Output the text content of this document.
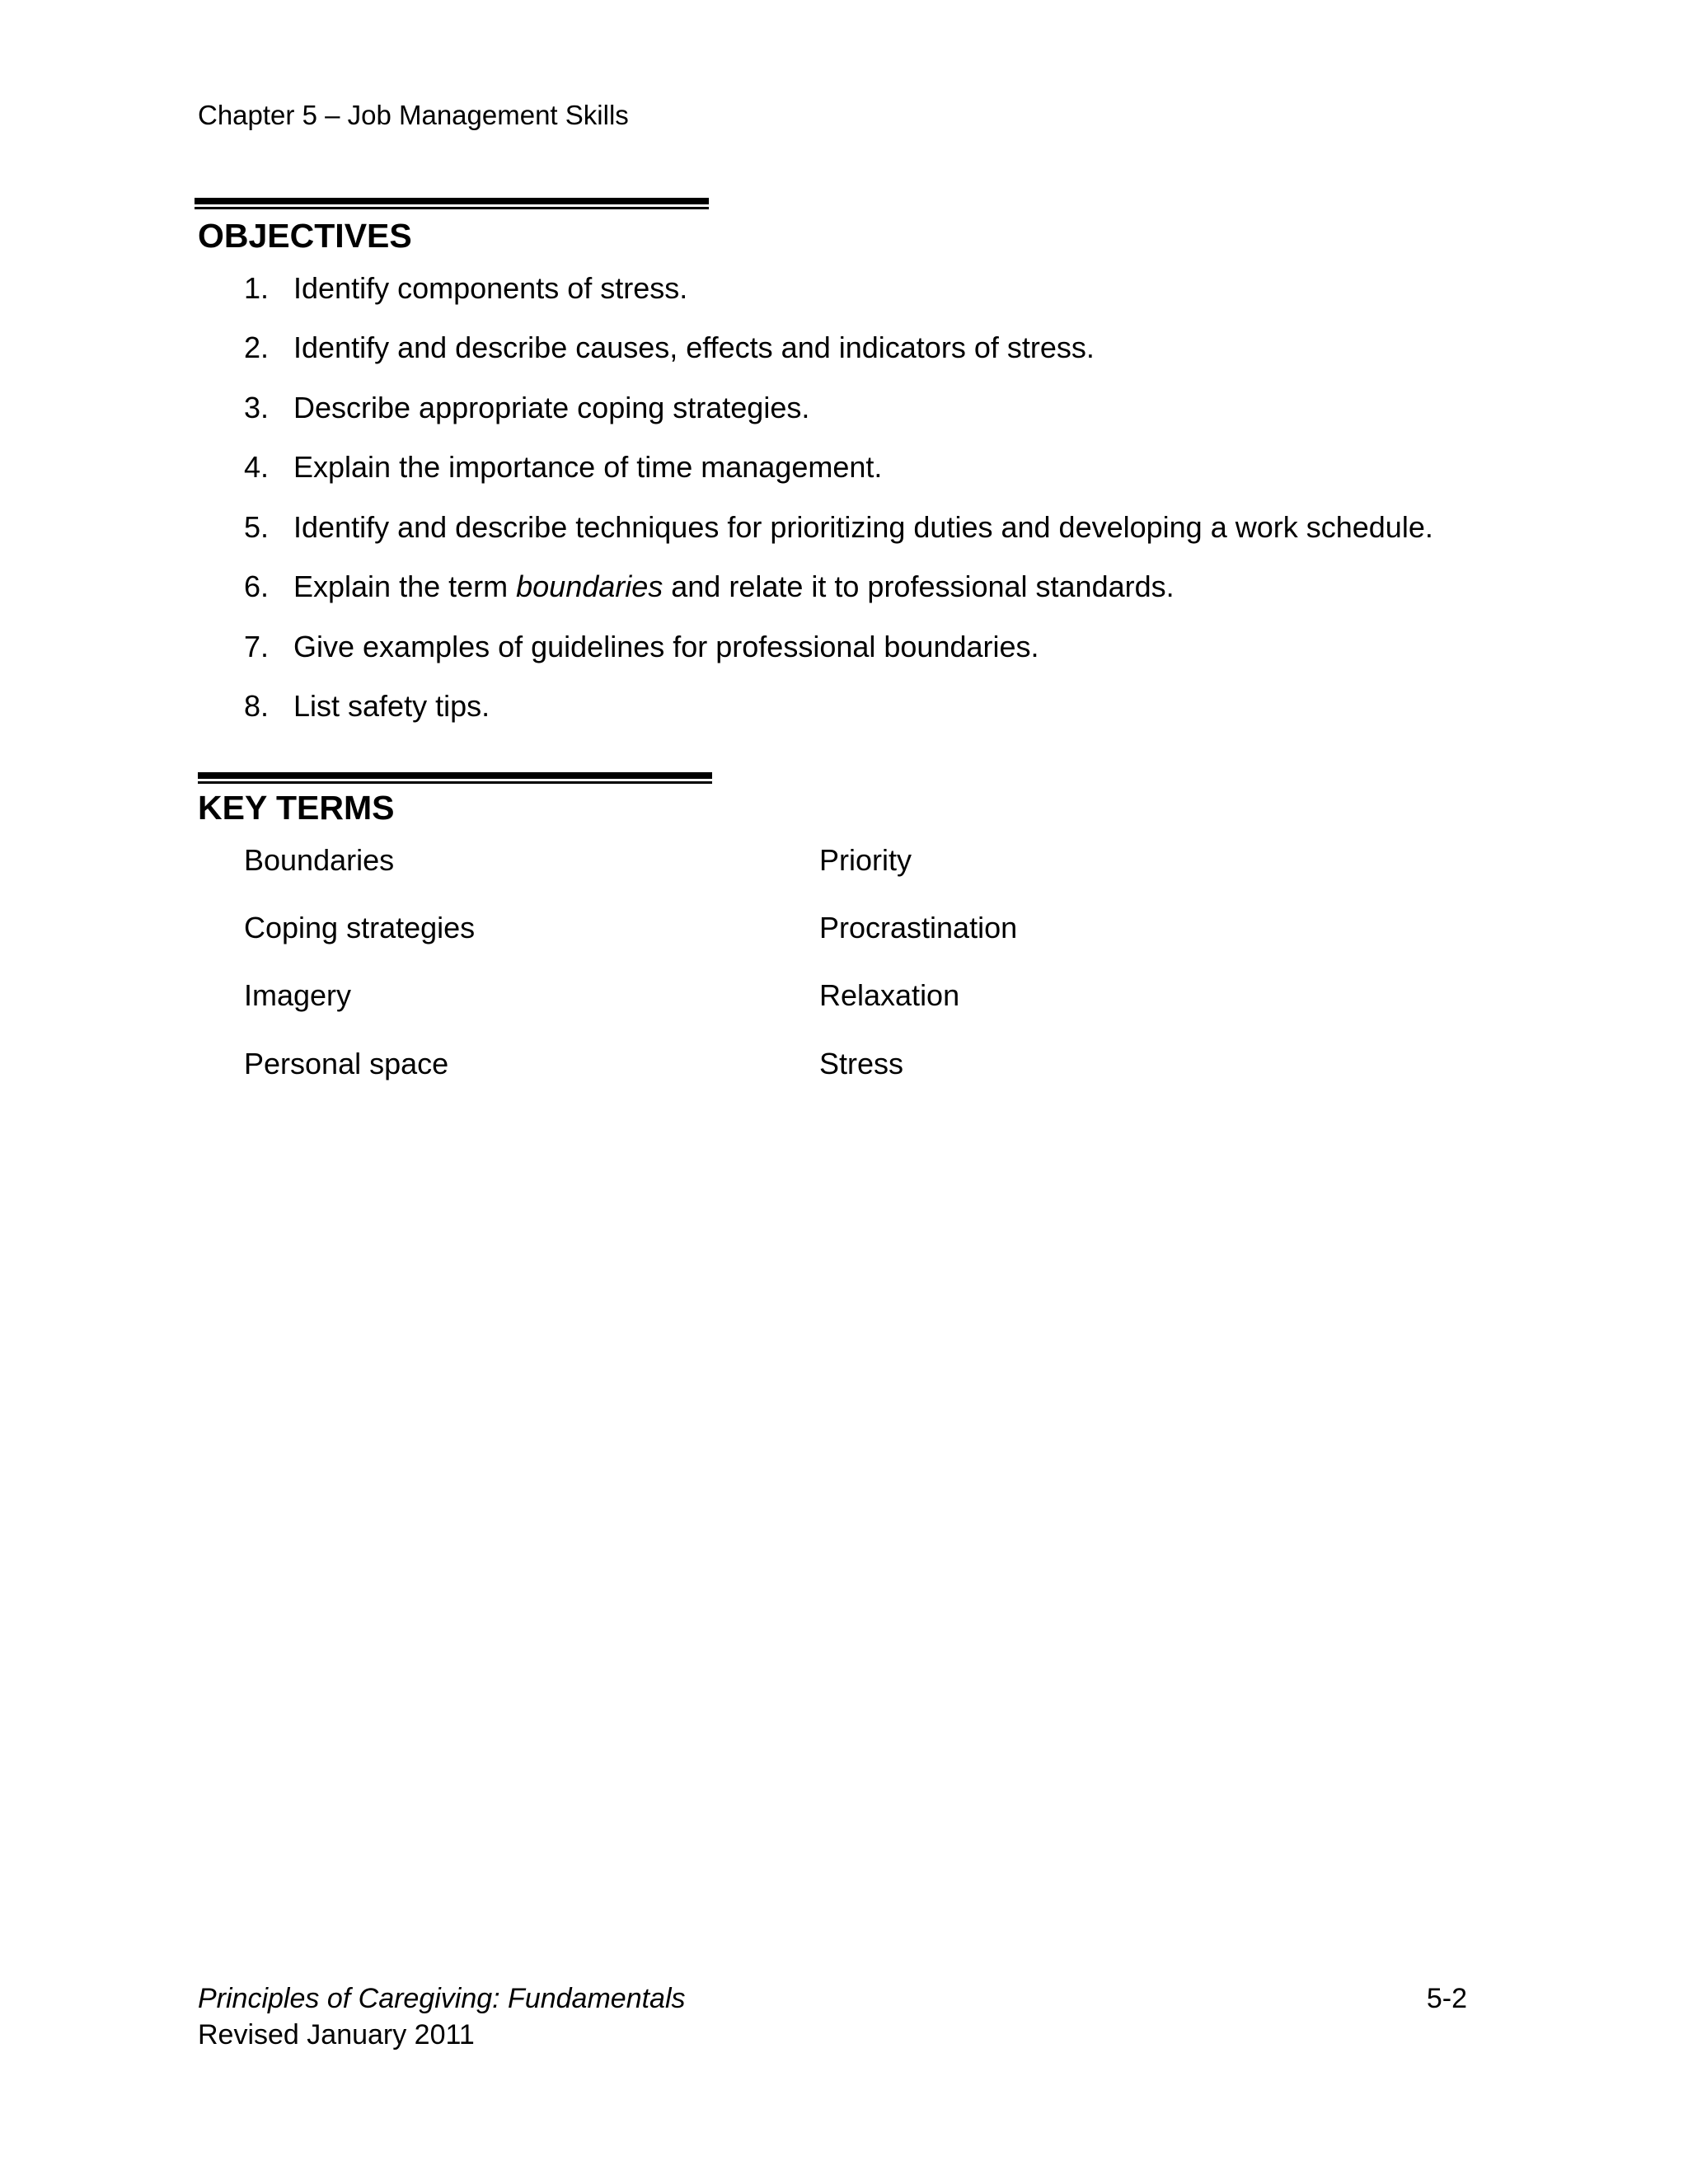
Chapter 5 – Job Management Skills
OBJECTIVES
1. Identify components of stress.
2. Identify and describe causes, effects and indicators of stress.
3. Describe appropriate coping strategies.
4. Explain the importance of time management.
5. Identify and describe techniques for prioritizing duties and developing a work schedule.
6. Explain the term boundaries and relate it to professional standards.
7. Give examples of guidelines for professional boundaries.
8. List safety tips.
KEY TERMS
Boundaries
Coping strategies
Imagery
Personal space
Priority
Procrastination
Relaxation
Stress
Principles of Caregiving: Fundamentals
Revised January 2011
5-2
